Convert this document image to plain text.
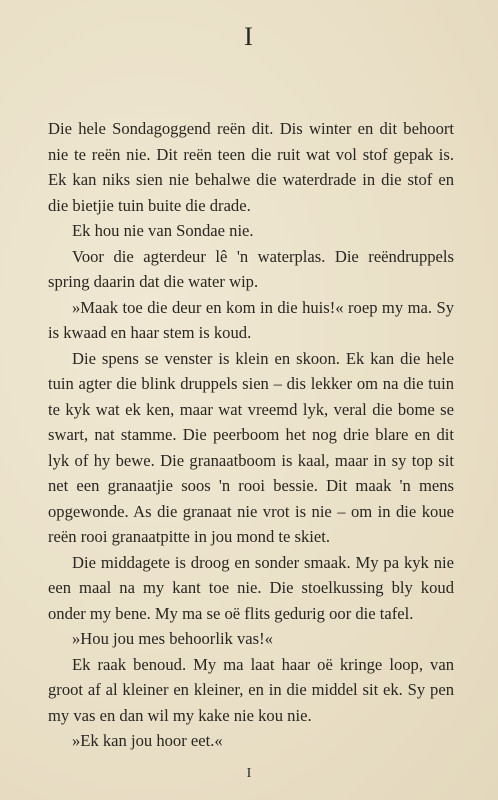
I

Die hele Sondagoggend reën dit. Dis winter en dit behoort nie te reën nie. Dit reën teen die ruit wat vol stof gepak is. Ek kan niks sien nie behalwe die waterdrade in die stof en die bietjie tuin buite die drade.

Ek hou nie van Sondae nie.

Voor die agterdeur lê 'n waterplas. Die reëndruppels spring daarin dat die water wip.

»Maak toe die deur en kom in die huis!« roep my ma. Sy is kwaad en haar stem is koud.

Die spens se venster is klein en skoon. Ek kan die hele tuin agter die blink druppels sien – dis lekker om na die tuin te kyk wat ek ken, maar wat vreemd lyk, veral die bome se swart, nat stamme. Die peerboom het nog drie blare en dit lyk of hy bewe. Die granaatboom is kaal, maar in sy top sit net een granaatjie soos 'n rooi bessie. Dit maak 'n mens opgewonde. As die granaat nie vrot is nie – om in die koue reën rooi granaatpitte in jou mond te skiet.

Die middagete is droog en sonder smaak. My pa kyk nie een maal na my kant toe nie. Die stoelkussing bly koud onder my bene. My ma se oë flits gedurig oor die tafel.

»Hou jou mes behoorlik vas!«

Ek raak benoud. My ma laat haar oë kringe loop, van groot af al kleiner en kleiner, en in die middel sit ek. Sy pen my vas en dan wil my kake nie kou nie.

»Ek kan jou hoor eet.«

I
